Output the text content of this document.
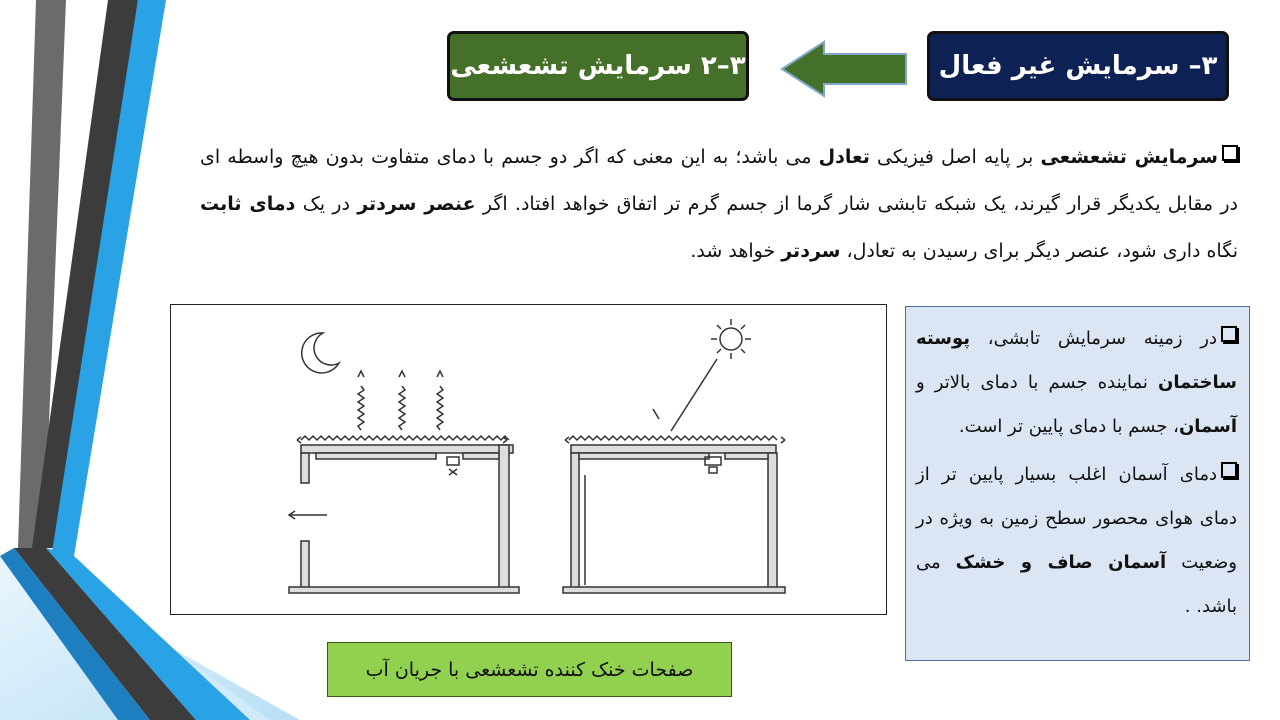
۳– سرمایش غیر فعال
۳–۲ سرمایش تشعشعی
سرمایش تشعشعی بر پایه اصل فیزیکی تعادل می باشد؛ به این معنی که اگر دو جسم با دمای متفاوت بدون هیچ واسطه ای در مقابل یکدیگر قرار گیرند، یک شبکه تابشی شار گرما از جسم گرم تر اتفاق خواهد افتاد. اگر عنصر سردتر در یک دمای ثابت نگاه داری شود، عنصر دیگر برای رسیدن به تعادل، سردتر خواهد شد.
صفحات خنک کننده تشعشعی با جریان آب

در زمینه سرمایش تابشی، پوسته ساختمان نماینده جسم با دمای بالاتر و آسمان، جسم با دمای پایین تر است.

دمای آسمان اغلب بسیار پایین تر از دمای هوای محصور سطح زمین به ویژه در وضعیت آسمان صاف و خشک می باشد. .
